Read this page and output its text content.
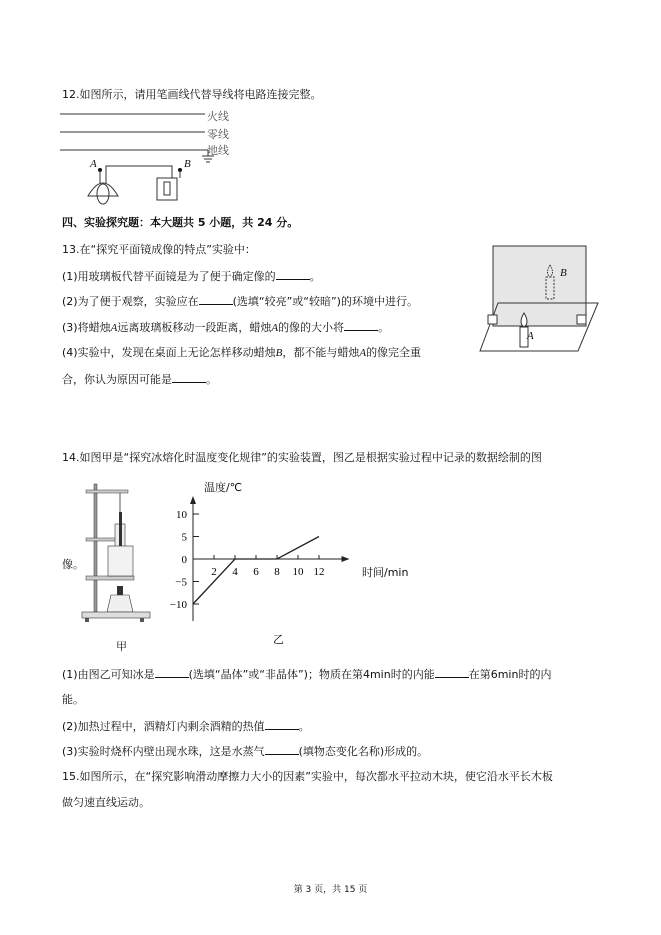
12.如图所示，请用笔画线代替导线将电路连接完整。
火线
零线
地线
A	B
四、实验探究题：本大题共 5 小题，共 24 分。
13.在“探究平面镜成像的特点”实验中：
(1)用玻璃板代替平面镜是为了便于确定像的	。
(2)为了便于观察，实验应在	(选填“较亮”或“较暗”)的环境中进行。
(3)将蜡烛A远离玻璃板移动一段距离，蜡烛A的像的大小将	。
(4)实验中，发现在桌面上无论怎样移动蜡烛B，都不能与蜡烛A的像完全重
合，你认为原因可能是	。
B
A
14.如图甲是“探究冰熔化时温度变化规律”的实验装置，图乙是根据实验过程中记录的数据绘制的图
像。
甲
2 4 6 8 10 12
10
5
0
−5
−10
温度/℃
时间/min
乙
(1)由图乙可知冰是	(选填“晶体”或“非晶体”)；物质在第4min时的内能	在第6min时的内
能。
(2)加热过程中，酒精灯内剩余酒精的热值	。
(3)实验时烧杯内壁出现水珠，这是水蒸气	(填物态变化名称)形成的。
15.如图所示，在“探究影响滑动摩擦力大小的因素”实验中，每次都水平拉动木块，使它沿水平长木板
做匀速直线运动。
第 3 页，共 15 页
